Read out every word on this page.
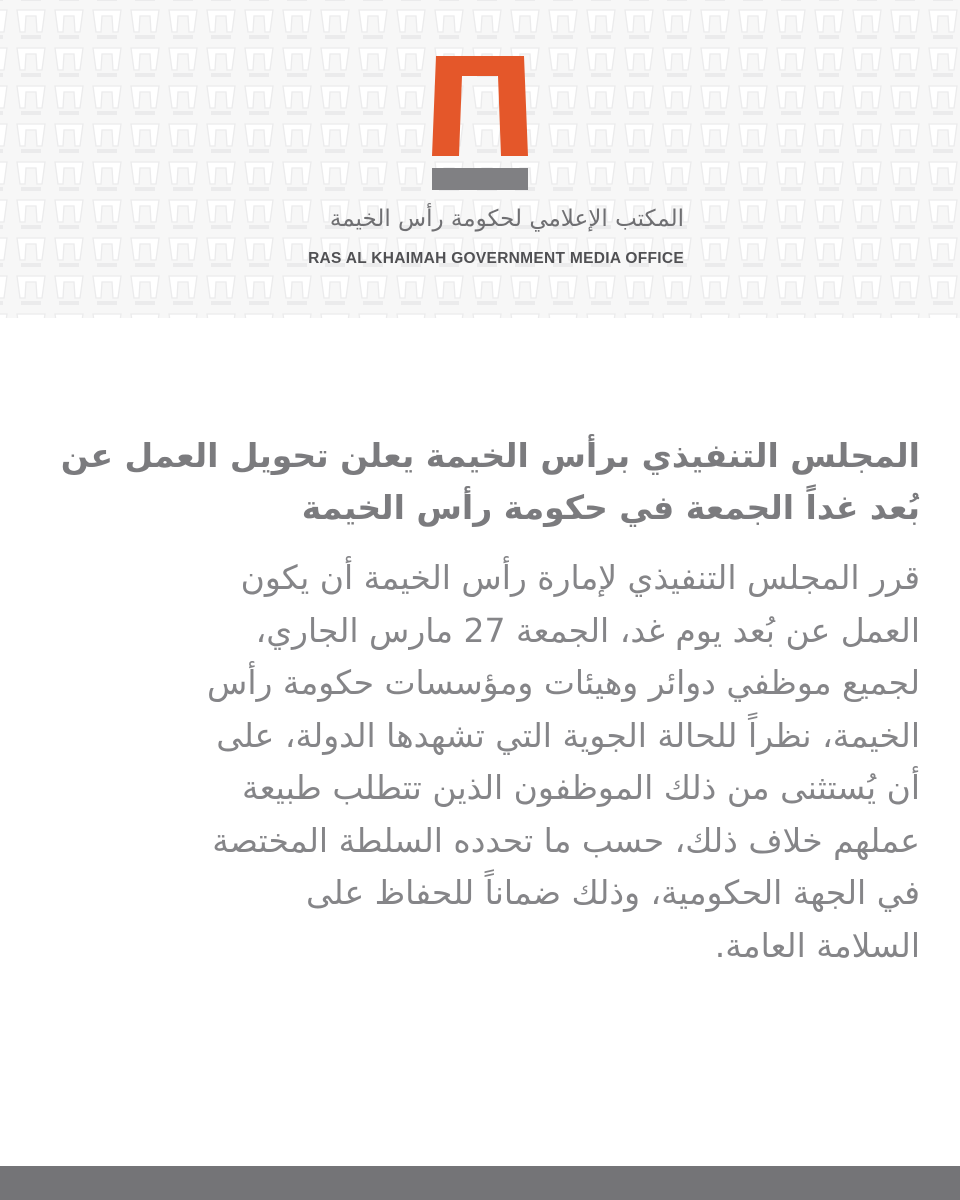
المكتب الإعلامي لحكومة رأس الخيمة
RAS AL KHAIMAH GOVERNMENT MEDIA OFFICE
المجلس التنفيذي برأس الخيمة يعلن تحويل العمل عن
بُعد غداً الجمعة في حكومة رأس الخيمة
قرر المجلس التنفيذي لإمارة رأس الخيمة أن يكون
العمل عن بُعد يوم غد، الجمعة 27 مارس الجاري،
لجميع موظفي دوائر وهيئات ومؤسسات حكومة رأس
الخيمة، نظراً للحالة الجوية التي تشهدها الدولة، على
أن يُستثنى من ذلك الموظفون الذين تتطلب طبيعة
عملهم خلاف ذلك، حسب ما تحدده السلطة المختصة
في الجهة الحكومية، وذلك ضماناً للحفاظ على
السلامة العامة.
